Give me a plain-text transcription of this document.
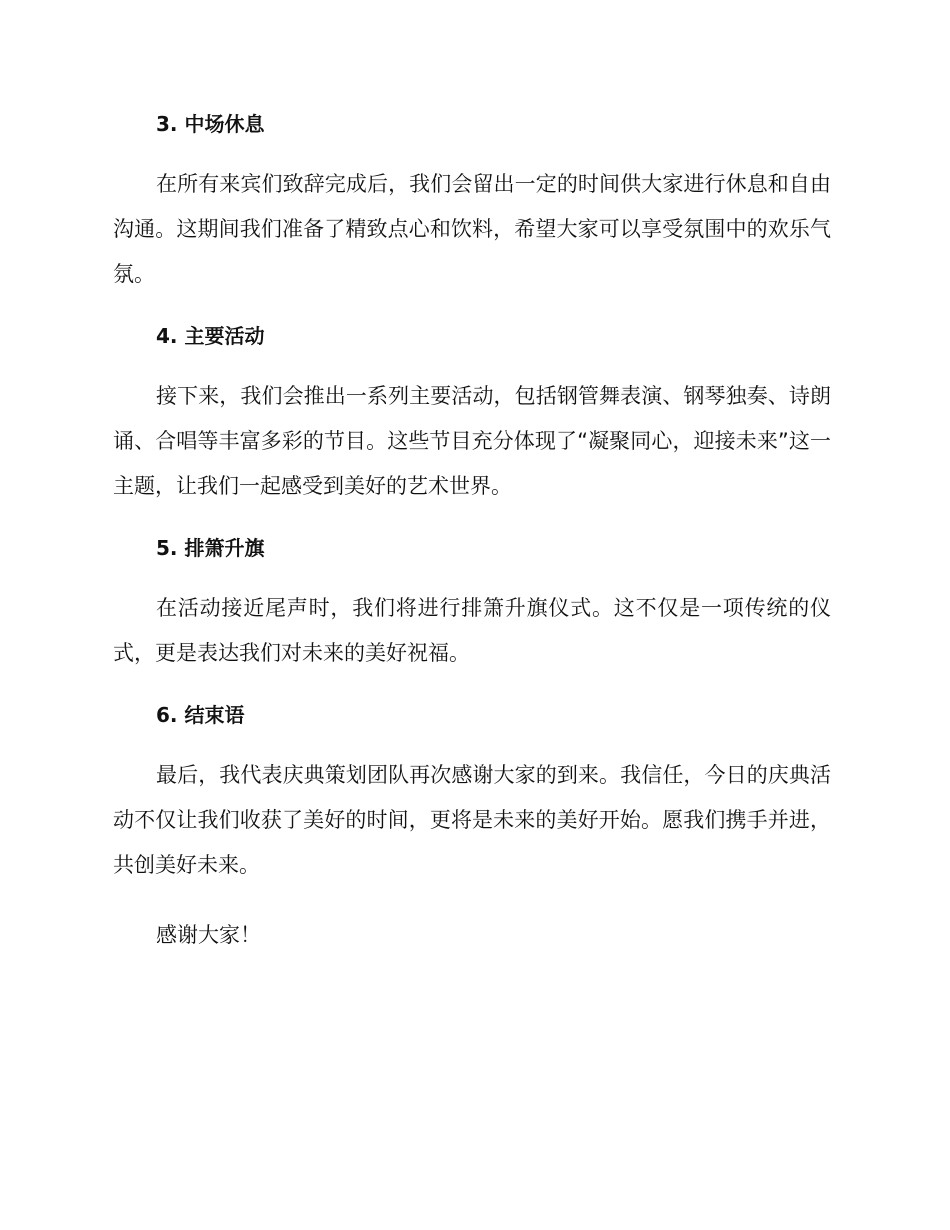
3. 中场休息

在所有来宾们致辞完成后，我们会留出一定的时间供大家进行休息和自由沟通。这期间我们准备了精致点心和饮料，希望大家可以享受氛围中的欢乐气氛。

4. 主要活动

接下来，我们会推出一系列主要活动，包括钢管舞表演、钢琴独奏、诗朗诵、合唱等丰富多彩的节目。这些节目充分体现了“凝聚同心，迎接未来”这一主题，让我们一起感受到美好的艺术世界。

5. 排箫升旗

在活动接近尾声时，我们将进行排箫升旗仪式。这不仅是一项传统的仪式，更是表达我们对未来的美好祝福。

6. 结束语

最后，我代表庆典策划团队再次感谢大家的到来。我信任，今日的庆典活动不仅让我们收获了美好的时间，更将是未来的美好开始。愿我们携手并进，共创美好未来。

感谢大家！
